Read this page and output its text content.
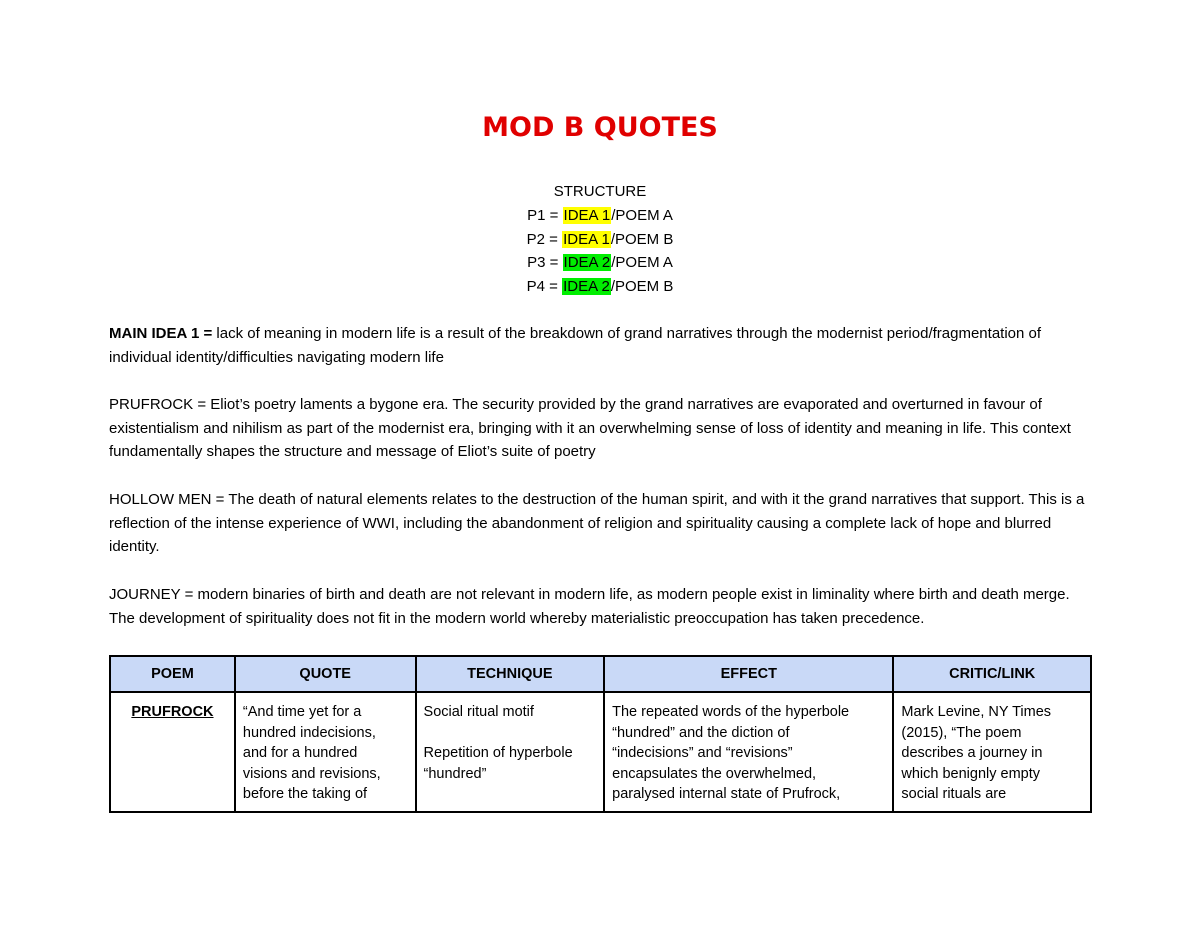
MOD B QUOTES
STRUCTURE
P1 = IDEA 1/POEM A
P2 = IDEA 1/POEM B
P3 = IDEA 2/POEM A
P4 = IDEA 2/POEM B
MAIN IDEA 1 = lack of meaning in modern life is a result of the breakdown of grand narratives through the modernist period/fragmentation of individual identity/difficulties navigating modern life
PRUFROCK = Eliot’s poetry laments a bygone era. The security provided by the grand narratives are evaporated and overturned in favour of existentialism and nihilism as part of the modernist era, bringing with it an overwhelming sense of loss of identity and meaning in life. This context fundamentally shapes the structure and message of Eliot’s suite of poetry
HOLLOW MEN = The death of natural elements relates to the destruction of the human spirit, and with it the grand narratives that support. This is a reflection of the intense experience of WWI, including the abandonment of religion and spirituality causing a complete lack of hope and blurred identity.
JOURNEY = modern binaries of birth and death are not relevant in modern life, as modern people exist in liminality where birth and death merge. The development of spirituality does not fit in the modern world whereby materialistic preoccupation has taken precedence.
POEM	QUOTE	TECHNIQUE	EFFECT	CRITIC/LINK
PRUFROCK	“And time yet for a
hundred indecisions,
and for a hundred
visions and revisions,
before the taking of	Social ritual motif
Repetition of hyperbole
“hundred”	The repeated words of the hyperbole
“hundred” and the diction of
“indecisions” and “revisions”
encapsulates the overwhelmed,
paralysed internal state of Prufrock,	Mark Levine, NY Times
(2015), “The poem
describes a journey in
which benignly empty
social rituals are
